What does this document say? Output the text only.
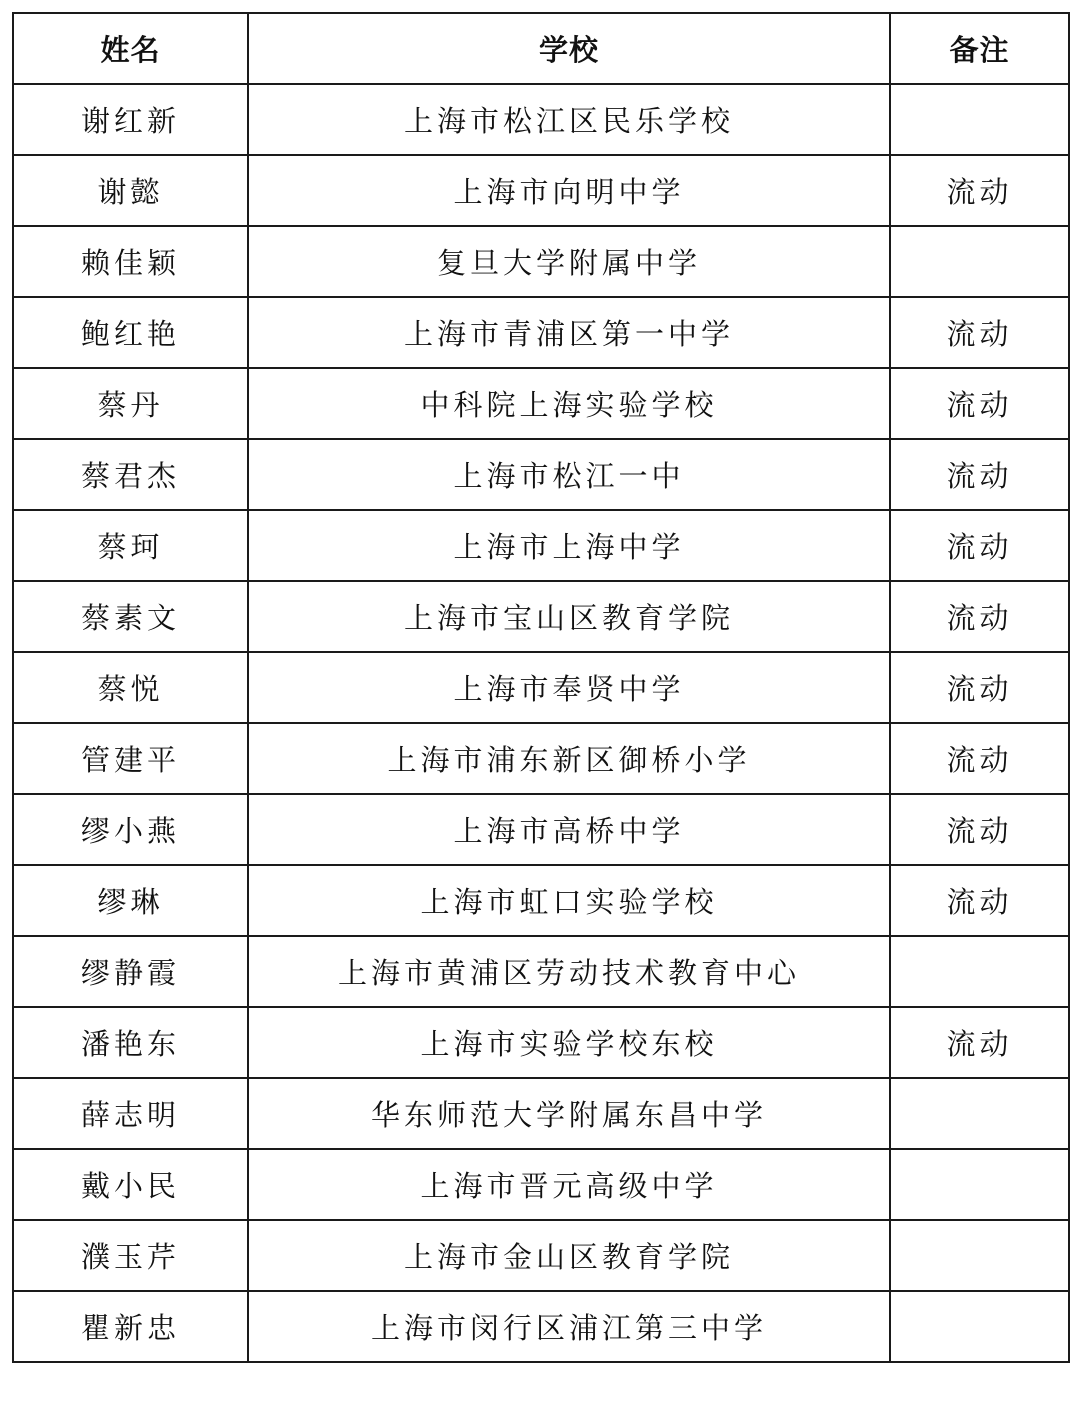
姓名	学校	备注
谢红新	上海市松江区民乐学校	
谢懿	上海市向明中学	流动
赖佳颖	复旦大学附属中学	
鲍红艳	上海市青浦区第一中学	流动
蔡丹	中科院上海实验学校	流动
蔡君杰	上海市松江一中	流动
蔡珂	上海市上海中学	流动
蔡素文	上海市宝山区教育学院	流动
蔡悦	上海市奉贤中学	流动
管建平	上海市浦东新区御桥小学	流动
缪小燕	上海市高桥中学	流动
缪琳	上海市虹口实验学校	流动
缪静霞	上海市黄浦区劳动技术教育中心	
潘艳东	上海市实验学校东校	流动
薛志明	华东师范大学附属东昌中学	
戴小民	上海市晋元高级中学	
濮玉芹	上海市金山区教育学院	
瞿新忠	上海市闵行区浦江第三中学	
